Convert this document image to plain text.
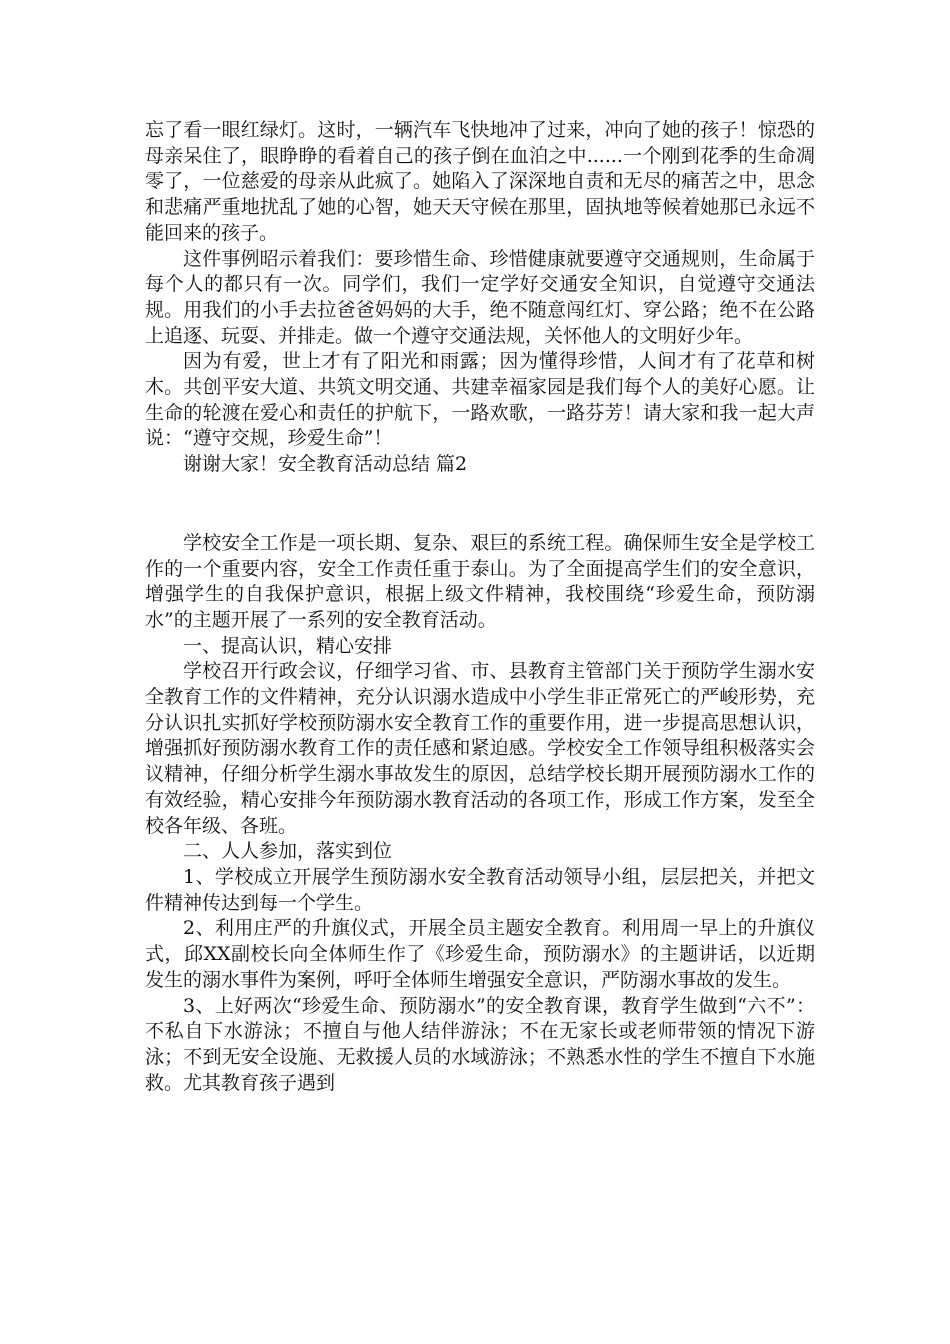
忘了看一眼红绿灯。这时，一辆汽车飞快地冲了过来，冲向了她的孩子！惊恐的母亲呆住了，眼睁睁的看着自己的孩子倒在血泊之中......一个刚到花季的生命凋零了，一位慈爱的母亲从此疯了。她陷入了深深地自责和无尽的痛苦之中，思念和悲痛严重地扰乱了她的心智，她天天守候在那里，固执地等候着她那已永远不能回来的孩子。

这件事例昭示着我们：要珍惜生命、珍惜健康就要遵守交通规则，生命属于每个人的都只有一次。同学们，我们一定学好交通安全知识，自觉遵守交通法规。用我们的小手去拉爸爸妈妈的大手，绝不随意闯红灯、穿公路；绝不在公路上追逐、玩耍、并排走。做一个遵守交通法规，关怀他人的文明好少年。

因为有爱，世上才有了阳光和雨露；因为懂得珍惜，人间才有了花草和树木。共创平安大道、共筑文明交通、共建幸福家园是我们每个人的美好心愿。让生命的轮渡在爱心和责任的护航下，一路欢歌，一路芬芳！请大家和我一起大声说：“遵守交规，珍爱生命”！

谢谢大家！安全教育活动总结 篇2

学校安全工作是一项长期、复杂、艰巨的系统工程。确保师生安全是学校工作的一个重要内容，安全工作责任重于泰山。为了全面提高学生们的安全意识，增强学生的自我保护意识，根据上级文件精神，我校围绕“珍爱生命，预防溺水”的主题开展了一系列的安全教育活动。

一、提高认识，精心安排

学校召开行政会议，仔细学习省、市、县教育主管部门关于预防学生溺水安全教育工作的文件精神，充分认识溺水造成中小学生非正常死亡的严峻形势，充分认识扎实抓好学校预防溺水安全教育工作的重要作用，进一步提高思想认识，增强抓好预防溺水教育工作的责任感和紧迫感。学校安全工作领导组积极落实会议精神，仔细分析学生溺水事故发生的原因，总结学校长期开展预防溺水工作的有效经验，精心安排今年预防溺水教育活动的各项工作，形成工作方案，发至全校各年级、各班。

二、人人参加，落实到位

1、学校成立开展学生预防溺水安全教育活动领导小组，层层把关，并把文件精神传达到每一个学生。

2、利用庄严的升旗仪式，开展全员主题安全教育。利用周一早上的升旗仪式，邱XX副校长向全体师生作了《珍爱生命，预防溺水》的主题讲话，以近期发生的溺水事件为案例，呼吁全体师生增强安全意识，严防溺水事故的发生。

3、上好两次“珍爱生命、预防溺水”的安全教育课，教育学生做到“六不”：不私自下水游泳；不擅自与他人结伴游泳；不在无家长或老师带领的情况下游泳；不到无安全设施、无救援人员的水域游泳；不熟悉水性的学生不擅自下水施救。尤其教育孩子遇到
